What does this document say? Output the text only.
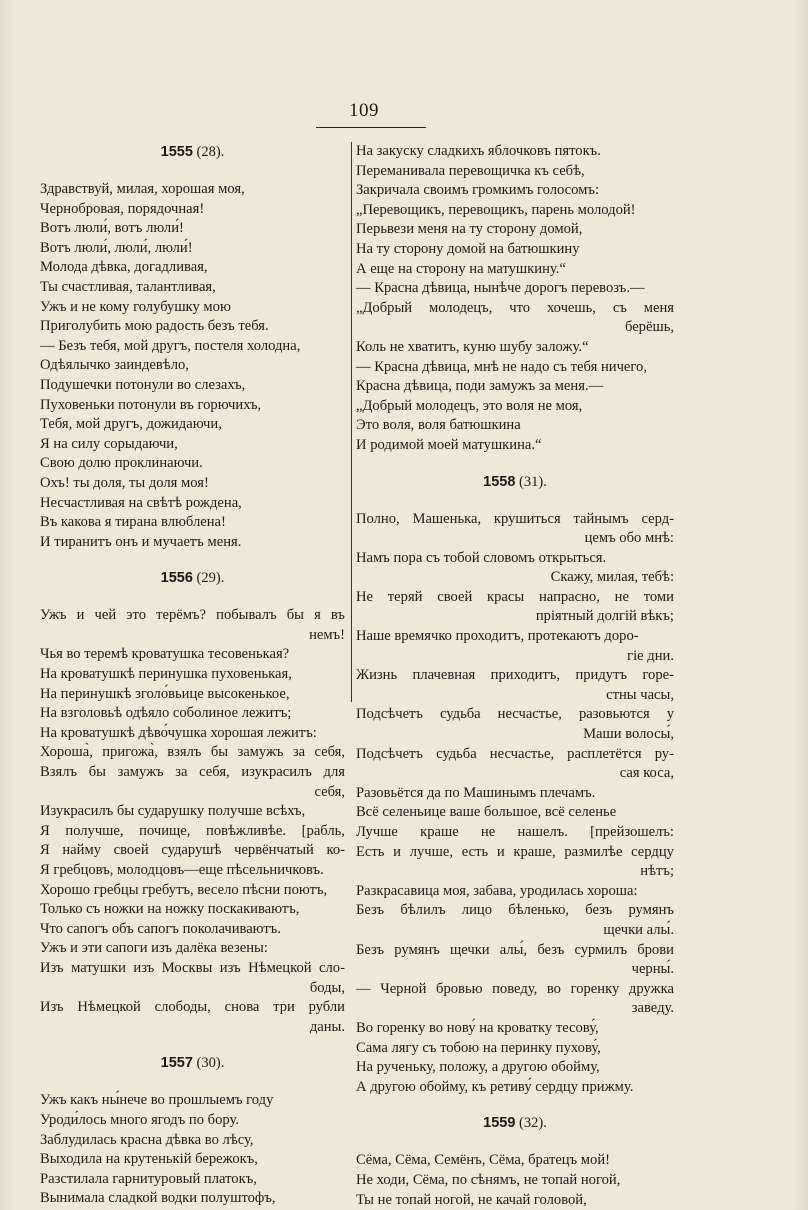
109
1555 (28).
Здравствуй, милая, хорошая моя,
Чернобровая, порядочная!
Вотъ люли́, вотъ люли́!
Вотъ люли́, люли́, люли́!
Молода дѣвка, догадливая,
Ты счастливая, талантливая,
Ужъ и не кому голубушку мою
Приголубить мою радость безъ тебя.
— Безъ тебя, мой другъ, постеля холодна,
Одѣялычко заиндевѣло,
Подушечки потонули во слезахъ,
Пуховеньки потонули въ горючихъ,
Тебя, мой другъ, дожидаючи,
Я на силу сорыдаючи,
Свою долю проклинаючи.
Охъ! ты доля, ты доля моя!
Несчастливая на свѣтѣ рождена,
Въ какова я тирана влюблена!
И тиранитъ онъ и мучаетъ меня.
1556 (29).
Ужъ и чей это терёмъ? побывалъ бы я въ
немъ!
Чья во теремѣ кроватушка тесовенькая?
На кроватушкѣ перинушка пуховенькая,
На перинушкѣ зголо́вьице высокенькое,
На взголовьѣ одѣяло соболиное лежитъ;
На кроватушкѣ дѣво́чушка хорошая лежитъ:
Хороша̀, пригожа̀, взялъ бы замужъ за себя,
Взялъ бы замужъ за себя, изукрасилъ для
себя,
Изукрасилъ бы сударушку получше всѣхъ,
Я получше, почище, повѣжливѣе. [рабль,
Я найму своей сударушѣ червёнчатый ко-
Я гребцовъ, молодцовъ—еще пѣсельничковъ.
Хорошо гребцы гребутъ, весело пѣсни поютъ,
Только съ ножки на ножку поскакиваютъ,
Что сапогъ объ сапогъ поколачиваютъ.
Ужъ и эти сапоги изъ далёка везены:
Изъ матушки изъ Москвы изъ Нѣмецкой сло-
боды,
Изъ Нѣмецкой слободы, снова три рубли
даны.
1557 (30).
Ужъ какъ ны́нече во прошлыемъ году
Уроди́лось много ягодъ по бору.
Заблудилась красна дѣвка во лѣсу,
Выходила на крутенькій бережокъ,
Разстилала гарнитуровый платокъ,
Вынимала сладкой водки полуштофъ,
На закуску сладкихъ яблочковъ пятокъ.
Переманивала перевощичка къ себѣ,
Закричала своимъ громкимъ голосомъ:
„Перевощикъ, перевощикъ, парень молодой!
Перьвези меня на ту сторону домой,
На ту сторону домой на батюшкину
А еще на сторону на матушкину.“
— Красна дѣвица, нынѣче дорогъ перевозъ.—
„Добрый молодецъ, что хочешь, съ меня
берёшь,
Коль не хватитъ, куню шубу заложу.“
— Красна дѣвица, мнѣ не надо съ тебя ничего,
Красна дѣвица, поди замужъ за меня.—
„Добрый молодецъ, это воля не моя,
Это воля, воля батюшкина
И родимой моей матушкина.“
1558 (31).
Полно, Машенька, крушиться тайнымъ серд-
цемъ обо мнѣ:
Намъ пора съ тобой словомъ открыться.
Скажу, милая, тебѣ:
Не теряй своей красы напрасно, не томи
пріятный долгій вѣкъ;
Наше времячко проходитъ, протекаютъ доро-
гіе дни.
Жизнь плачевная приходитъ, придутъ горе-
стны часы,
Подсѣчетъ судьба несчастье, разовьются у
Маши волосы́,
Подсѣчетъ судьба несчастье, расплетётся ру-
сая коса,
Разовьётся да по Машинымъ плечамъ.
Всё селеньице ваше большое, всё селенье
Лучше краше не нашелъ. [прейзошелъ:
Есть и лучше, есть и краше, размилѣе сердцу
нѣтъ;
Разкрасавица моя, забава, уродилась хороша:
Безъ бѣлилъ лицо бѣленько, безъ румянъ
щечки алы́.
Безъ румянъ щечки алы́, безъ сурмилъ брови
черны́.
— Черной бровью поведу, во горенку дружка
заведу.
Во горенку во нову́ на кроватку тесову́,
Сама лягу съ тобою на перинку пухову́,
На рученьку, положу, а другою обойму,
А другою обойму, къ ретиву́ сердцу прижму.
1559 (32).
Сёма, Сёма, Семёнъ, Сёма, братецъ мой!
Не ходи, Сёма, по сѣнямъ, не топай ногой,
Ты не топай ногой, не качай головой,
